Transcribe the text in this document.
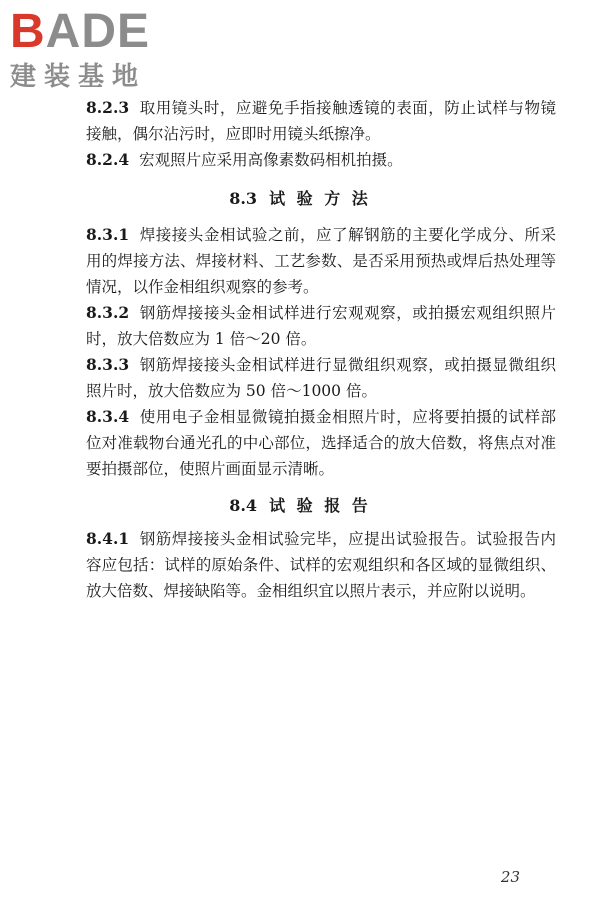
BADE
建装基地

8.2.3 取用镜头时，应避免手指接触透镜的表面，防止试样与物镜接触，偶尔沾污时，应即时用镜头纸擦净。

8.2.4 宏观照片应采用高像素数码相机拍摄。

8.3 试 验 方 法

8.3.1 焊接接头金相试验之前，应了解钢筋的主要化学成分、所采用的焊接方法、焊接材料、工艺参数、是否采用预热或焊后热处理等情况，以作金相组织观察的参考。

8.3.2 钢筋焊接接头金相试样进行宏观观察，或拍摄宏观组织照片时，放大倍数应为 1 倍～20 倍。

8.3.3 钢筋焊接接头金相试样进行显微组织观察，或拍摄显微组织照片时，放大倍数应为 50 倍～1000 倍。

8.3.4 使用电子金相显微镜拍摄金相照片时，应将要拍摄的试样部位对准载物台通光孔的中心部位，选择适合的放大倍数，将焦点对准要拍摄部位，使照片画面显示清晰。

8.4 试 验 报 告

8.4.1 钢筋焊接接头金相试验完毕，应提出试验报告。试验报告内容应包括：试样的原始条件、试样的宏观组织和各区域的显微组织、放大倍数、焊接缺陷等。金相组织宜以照片表示，并应附以说明。

23
